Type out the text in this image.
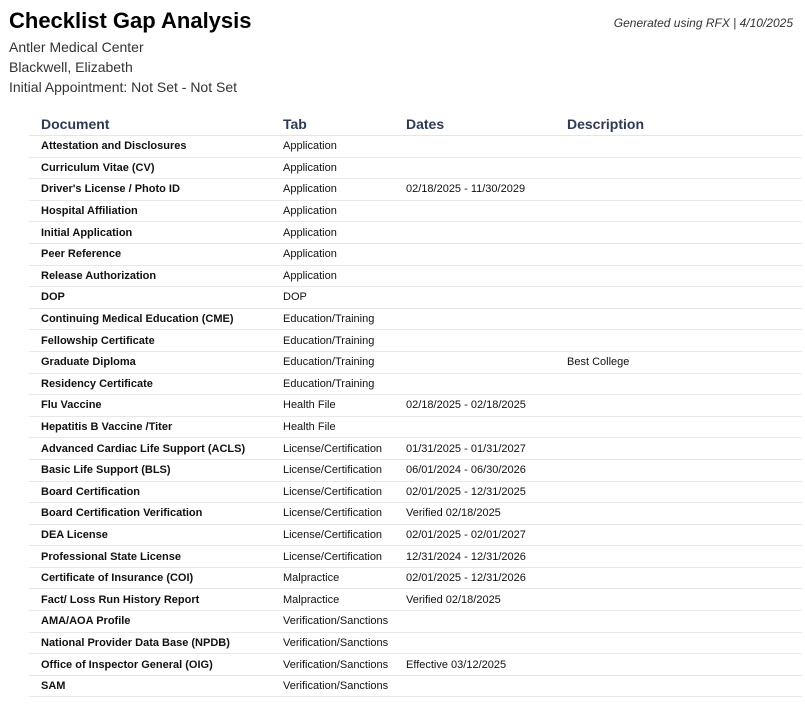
Checklist Gap Analysis	Generated using RFX | 4/10/2025
Antler Medical Center
Blackwell, Elizabeth
Initial Appointment: Not Set - Not Set
Document	Tab	Dates	Description
Attestation and Disclosures	Application		
Curriculum Vitae (CV)	Application		
Driver's License / Photo ID	Application	02/18/2025 - 11/30/2029	
Hospital Affiliation	Application		
Initial Application	Application		
Peer Reference	Application		
Release Authorization	Application		
DOP	DOP		
Continuing Medical Education (CME)	Education/Training		
Fellowship Certificate	Education/Training		
Graduate Diploma	Education/Training		Best College
Residency Certificate	Education/Training		
Flu Vaccine	Health File	02/18/2025 - 02/18/2025	
Hepatitis B Vaccine /Titer	Health File		
Advanced Cardiac Life Support (ACLS)	License/Certification	01/31/2025 - 01/31/2027	
Basic Life Support (BLS)	License/Certification	06/01/2024 - 06/30/2026	
Board Certification	License/Certification	02/01/2025 - 12/31/2025	
Board Certification Verification	License/Certification	Verified 02/18/2025	
DEA License	License/Certification	02/01/2025 - 02/01/2027	
Professional State License	License/Certification	12/31/2024 - 12/31/2026	
Certificate of Insurance (COI)	Malpractice	02/01/2025 - 12/31/2026	
Fact/ Loss Run History Report	Malpractice	Verified 02/18/2025	
AMA/AOA Profile	Verification/Sanctions		
National Provider Data Base (NPDB)	Verification/Sanctions		
Office of Inspector General (OIG)	Verification/Sanctions	Effective 03/12/2025	
SAM	Verification/Sanctions		
